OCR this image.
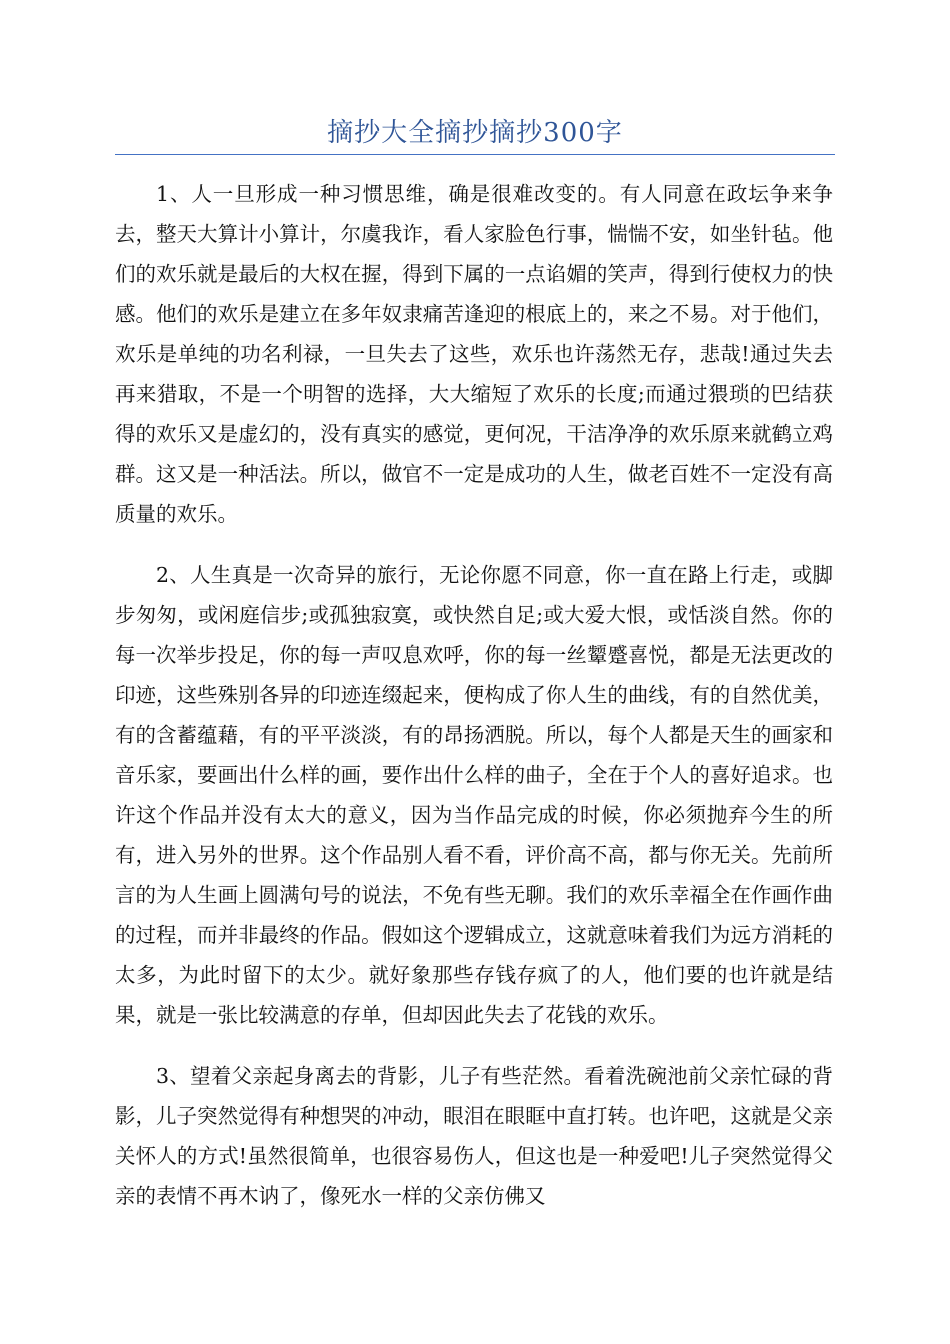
摘抄大全摘抄摘抄300字

1、人一旦形成一种习惯思维，确是很难改变的。有人同意在政坛争来争去，整天大算计小算计，尔虞我诈，看人家脸色行事，惴惴不安，如坐针毡。他们的欢乐就是最后的大权在握，得到下属的一点谄媚的笑声，得到行使权力的快感。他们的欢乐是建立在多年奴隶痛苦逢迎的根底上的，来之不易。对于他们，欢乐是单纯的功名利禄，一旦失去了这些，欢乐也许荡然无存，悲哉!通过失去再来猎取，不是一个明智的选择，大大缩短了欢乐的长度;而通过猥琐的巴结获得的欢乐又是虚幻的，没有真实的感觉，更何况，干洁净净的欢乐原来就鹤立鸡群。这又是一种活法。所以，做官不一定是成功的人生，做老百姓不一定没有高质量的欢乐。

2、人生真是一次奇异的旅行，无论你愿不同意，你一直在路上行走，或脚步匆匆，或闲庭信步;或孤独寂寞，或快然自足;或大爱大恨，或恬淡自然。你的每一次举步投足，你的每一声叹息欢呼，你的每一丝颦蹙喜悦，都是无法更改的印迹，这些殊别各异的印迹连缀起来，便构成了你人生的曲线，有的自然优美，有的含蓄蕴藉，有的平平淡淡，有的昂扬洒脱。所以，每个人都是天生的画家和音乐家，要画出什么样的画，要作出什么样的曲子，全在于个人的喜好追求。也许这个作品并没有太大的意义，因为当作品完成的时候，你必须抛弃今生的所有，进入另外的世界。这个作品别人看不看，评价高不高，都与你无关。先前所言的为人生画上圆满句号的说法，不免有些无聊。我们的欢乐幸福全在作画作曲的过程，而并非最终的作品。假如这个逻辑成立，这就意味着我们为远方消耗的太多，为此时留下的太少。就好象那些存钱存疯了的人，他们要的也许就是结果，就是一张比较满意的存单，但却因此失去了花钱的欢乐。

3、望着父亲起身离去的背影，儿子有些茫然。看着洗碗池前父亲忙碌的背影，儿子突然觉得有种想哭的冲动，眼泪在眼眶中直打转。也许吧，这就是父亲关怀人的方式!虽然很简单，也很容易伤人，但这也是一种爱吧!儿子突然觉得父亲的表情不再木讷了，像死水一样的父亲仿佛又
